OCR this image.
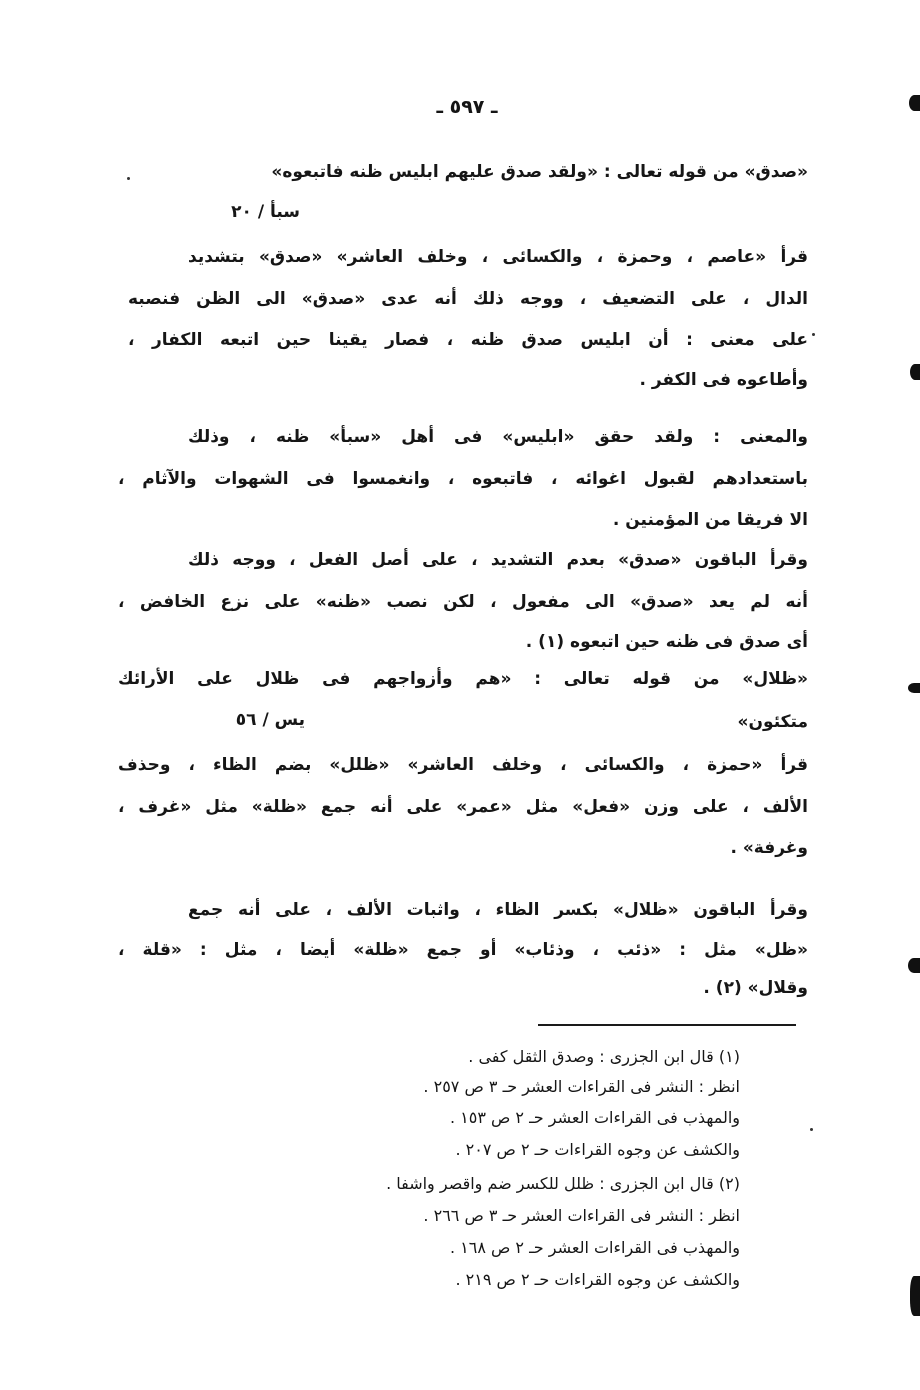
ـ ٥٩٧ ـ
«صدق» من قوله تعالى : «ولقد صدق عليهم ابليس ظنه فاتبعوه»
سبأ / ٢٠
قرأ «عاصم ، وحمزة ، والكسائى ، وخلف العاشر» «صدق» بتشديد
الدال ، على التضعيف ، ووجه ذلك أنه عدى «صدق» الى الظن فنصبه
على معنى : أن ابليس صدق ظنه ، فصار يقينا حين اتبعه الكفار ،
وأطاعوه فى الكفر .
والمعنى : ولقد حقق «ابليس» فى أهل «سبأ» ظنه ، وذلك
باستعدادهم لقبول اغوائه ، فاتبعوه ، وانغمسوا فى الشهوات والآثام ،
الا فريقا من المؤمنين .
وقرأ الباقون «صدق» بعدم التشديد ، على أصل الفعل ، ووجه ذلك
أنه لم يعد «صدق» الى مفعول ، لكن نصب «ظنه» على نزع الخافض ،
أى صدق فى ظنه حين اتبعوه (١) .
«ظلال» من قوله تعالى : «هم وأزواجهم فى ظلال على الأرائك
متكئون»
يس / ٥٦
قرأ «حمزة ، والكسائى ، وخلف العاشر» «ظلل» بضم الظاء ، وحذف
الألف ، على وزن «فعل» مثل «عمر» على أنه جمع «ظلة» مثل «غرف ،
وغرفة» .
وقرأ الباقون «ظلال» بكسر الظاء ، واثبات الألف ، على أنه جمع
«ظل» مثل : «ذئب ، وذئاب» أو جمع «ظلة» أيضا ، مثل : «قلة ،
وقلال» (٢) .
(١) قال ابن الجزرى : وصدق الثقل كفى .
انظر : النشر فى القراءات العشر حـ ٣ ص ٢٥٧ .
والمهذب فى القراءات العشر حـ ٢ ص ١٥٣ .
والكشف عن وجوه القراءات حـ ٢ ص ٢٠٧ .
(٢) قال ابن الجزرى : ظلل للكسر ضم واقصر واشفا .
انظر : النشر فى القراءات العشر حـ ٣ ص ٢٦٦ .
والمهذب فى القراءات العشر حـ ٢ ص ١٦٨ .
والكشف عن وجوه القراءات حـ ٢ ص ٢١٩ .
